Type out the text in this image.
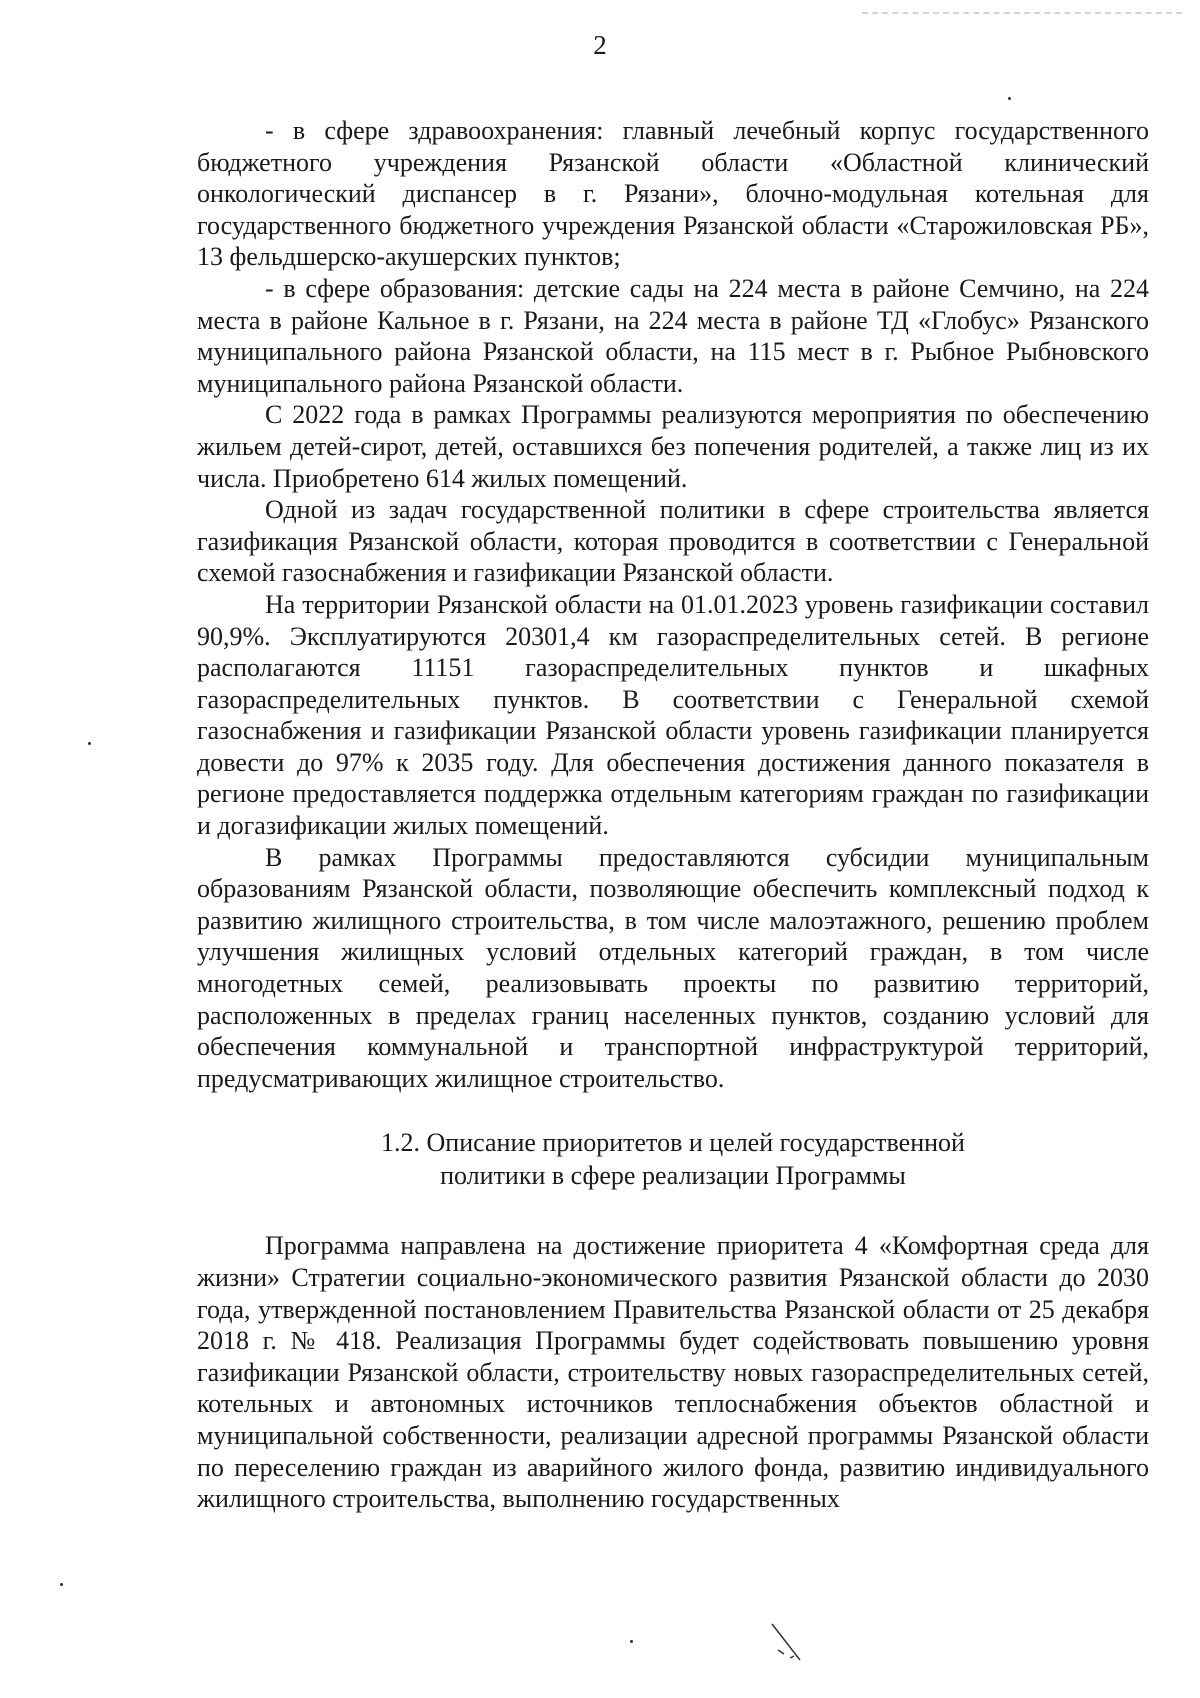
2

- в сфере здравоохранения: главный лечебный корпус государственного бюджетного учреждения Рязанской области «Областной клинический онкологический диспансер в г. Рязани», блочно-модульная котельная для государственного бюджетного учреждения Рязанской области «Старожиловская РБ», 13 фельдшерско-акушерских пунктов;

- в сфере образования: детские сады на 224 места в районе Семчино, на 224 места в районе Кальное в г. Рязани, на 224 места в районе ТД «Глобус» Рязанского муниципального района Рязанской области, на 115 мест в г. Рыбное Рыбновского муниципального района Рязанской области.

С 2022 года в рамках Программы реализуются мероприятия по обеспечению жильем детей-сирот, детей, оставшихся без попечения родителей, а также лиц из их числа. Приобретено 614 жилых помещений.

Одной из задач государственной политики в сфере строительства является газификация Рязанской области, которая проводится в соответствии с Генеральной схемой газоснабжения и газификации Рязанской области.

На территории Рязанской области на 01.01.2023 уровень газификации составил 90,9%. Эксплуатируются 20301,4 км газораспределительных сетей. В регионе располагаются 11151 газораспределительных пунктов и шкафных газораспределительных пунктов. В соответствии с Генеральной схемой газоснабжения и газификации Рязанской области уровень газификации планируется довести до 97% к 2035 году. Для обеспечения достижения данного показателя в регионе предоставляется поддержка отдельным категориям граждан по газификации и догазификации жилых помещений.

В рамках Программы предоставляются субсидии муниципальным образованиям Рязанской области, позволяющие обеспечить комплексный подход к развитию жилищного строительства, в том числе малоэтажного, решению проблем улучшения жилищных условий отдельных категорий граждан, в том числе многодетных семей, реализовывать проекты по развитию территорий, расположенных в пределах границ населенных пунктов, созданию условий для обеспечения коммунальной и транспортной инфраструктурой территорий, предусматривающих жилищное строительство.

1.2. Описание приоритетов и целей государственной
политики в сфере реализации Программы

Программа направлена на достижение приоритета 4 «Комфортная среда для жизни» Стратегии социально-экономического развития Рязанской области до 2030 года, утвержденной постановлением Правительства Рязанской области от 25 декабря 2018 г. № 418. Реализация Программы будет содействовать повышению уровня газификации Рязанской области, строительству новых газораспределительных сетей, котельных и автономных источников теплоснабжения объектов областной и муниципальной собственности, реализации адресной программы Рязанской области по переселению граждан из аварийного жилого фонда, развитию индивидуального жилищного строительства, выполнению государственных
